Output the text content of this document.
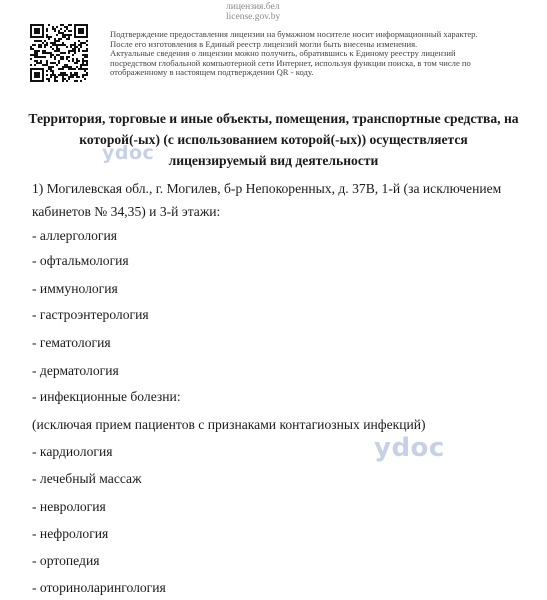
лицензия.бел
license.gov.by
Подтверждение предоставления лицензии на бумажном носителе носит информационный характер.
После его изготовления в Единый реестр лицензий могли быть внесены изменения.
Актуальные сведения о лицензии можно получить, обратившись к Единому реестру лицензий
посредством глобальной компьютерной сети Интернет, используя функции поиска, в том числе по
отображенному в настоящем подтверждении QR - коду.
Территория, торговые и иные объекты, помещения, транспортные средства, на
которой(-ых) (с использованием которой(-ых)) осуществляется
лицензируемый вид деятельности
1) Могилевская обл., г. Могилев, б-р Непокоренных, д. 37В, 1-й (за исключением
кабинетов № 34,35) и 3-й этажи:
- аллергология
- офтальмология
- иммунология
- гастроэнтерология
- гематология
- дерматология
- инфекционные болезни:
(исключая прием пациентов с признаками контагиозных инфекций)
- кардиология
- лечебный массаж
- неврология
- нефрология
- ортопедия
- оториноларингология
ydoc
ydoc
